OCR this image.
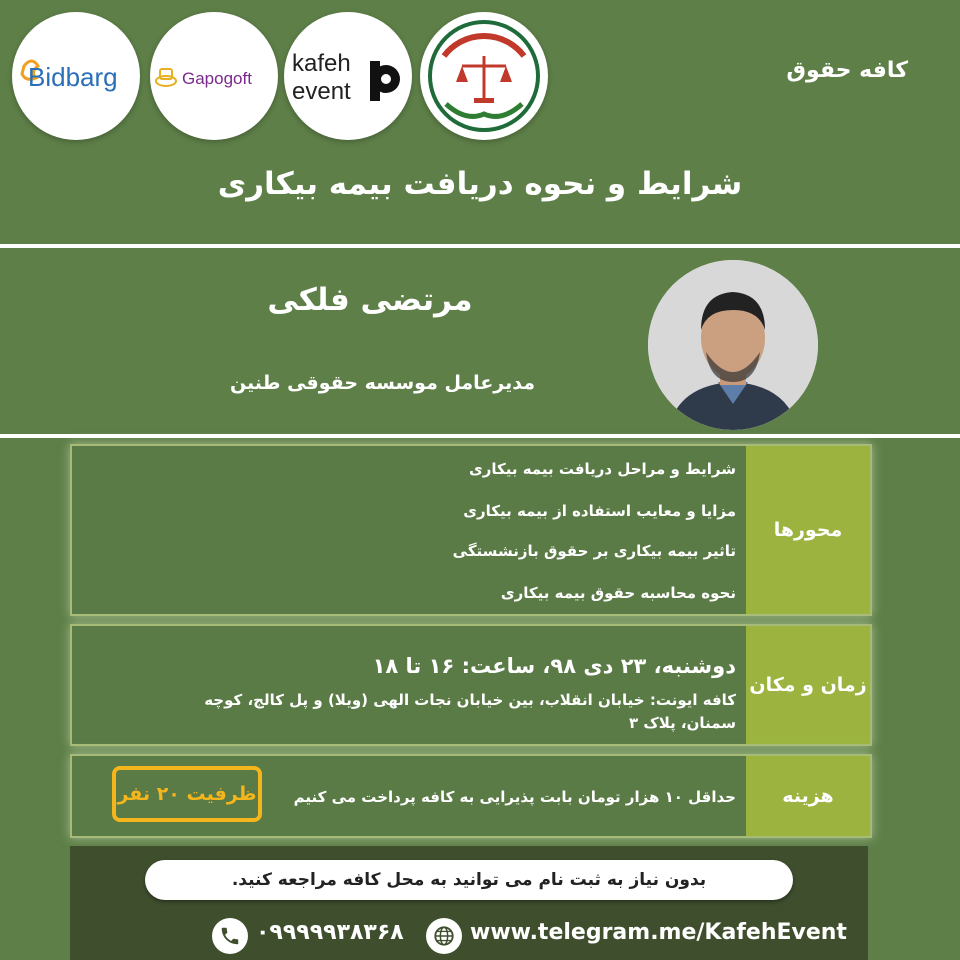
Bidbarg	Gapogoft
kafeh
event
کافه حقوق
شرایط و نحوه دریافت بیمه بیکاری
مرتضی فلکی
مدیرعامل موسسه حقوقی طنین
محورها
شرایط و مراحل دریافت بیمه بیکاری
مزایا و معایب استفاده از بیمه بیکاری
تاثیر بیمه بیکاری بر حقوق بازنشستگی
نحوه محاسبه حقوق بیمه بیکاری
زمان و مکان
دوشنبه، ۲۳ دی ۹۸، ساعت: ۱۶ تا ۱۸
کافه ایونت: خیابان انقلاب، بین خیابان نجات الهی (ویلا) و پل کالج، کوچه سمنان، پلاک ۳
هزینه
حداقل ۱۰ هزار تومان بابت پذیرایی به کافه پرداخت می کنیم
ظرفیت ۲۰ نفر
بدون نیاز به ثبت نام می توانید به محل کافه مراجعه کنید.
۰۹۹۹۹۹۳۸۳۶۸	www.telegram.me/KafehEvent
